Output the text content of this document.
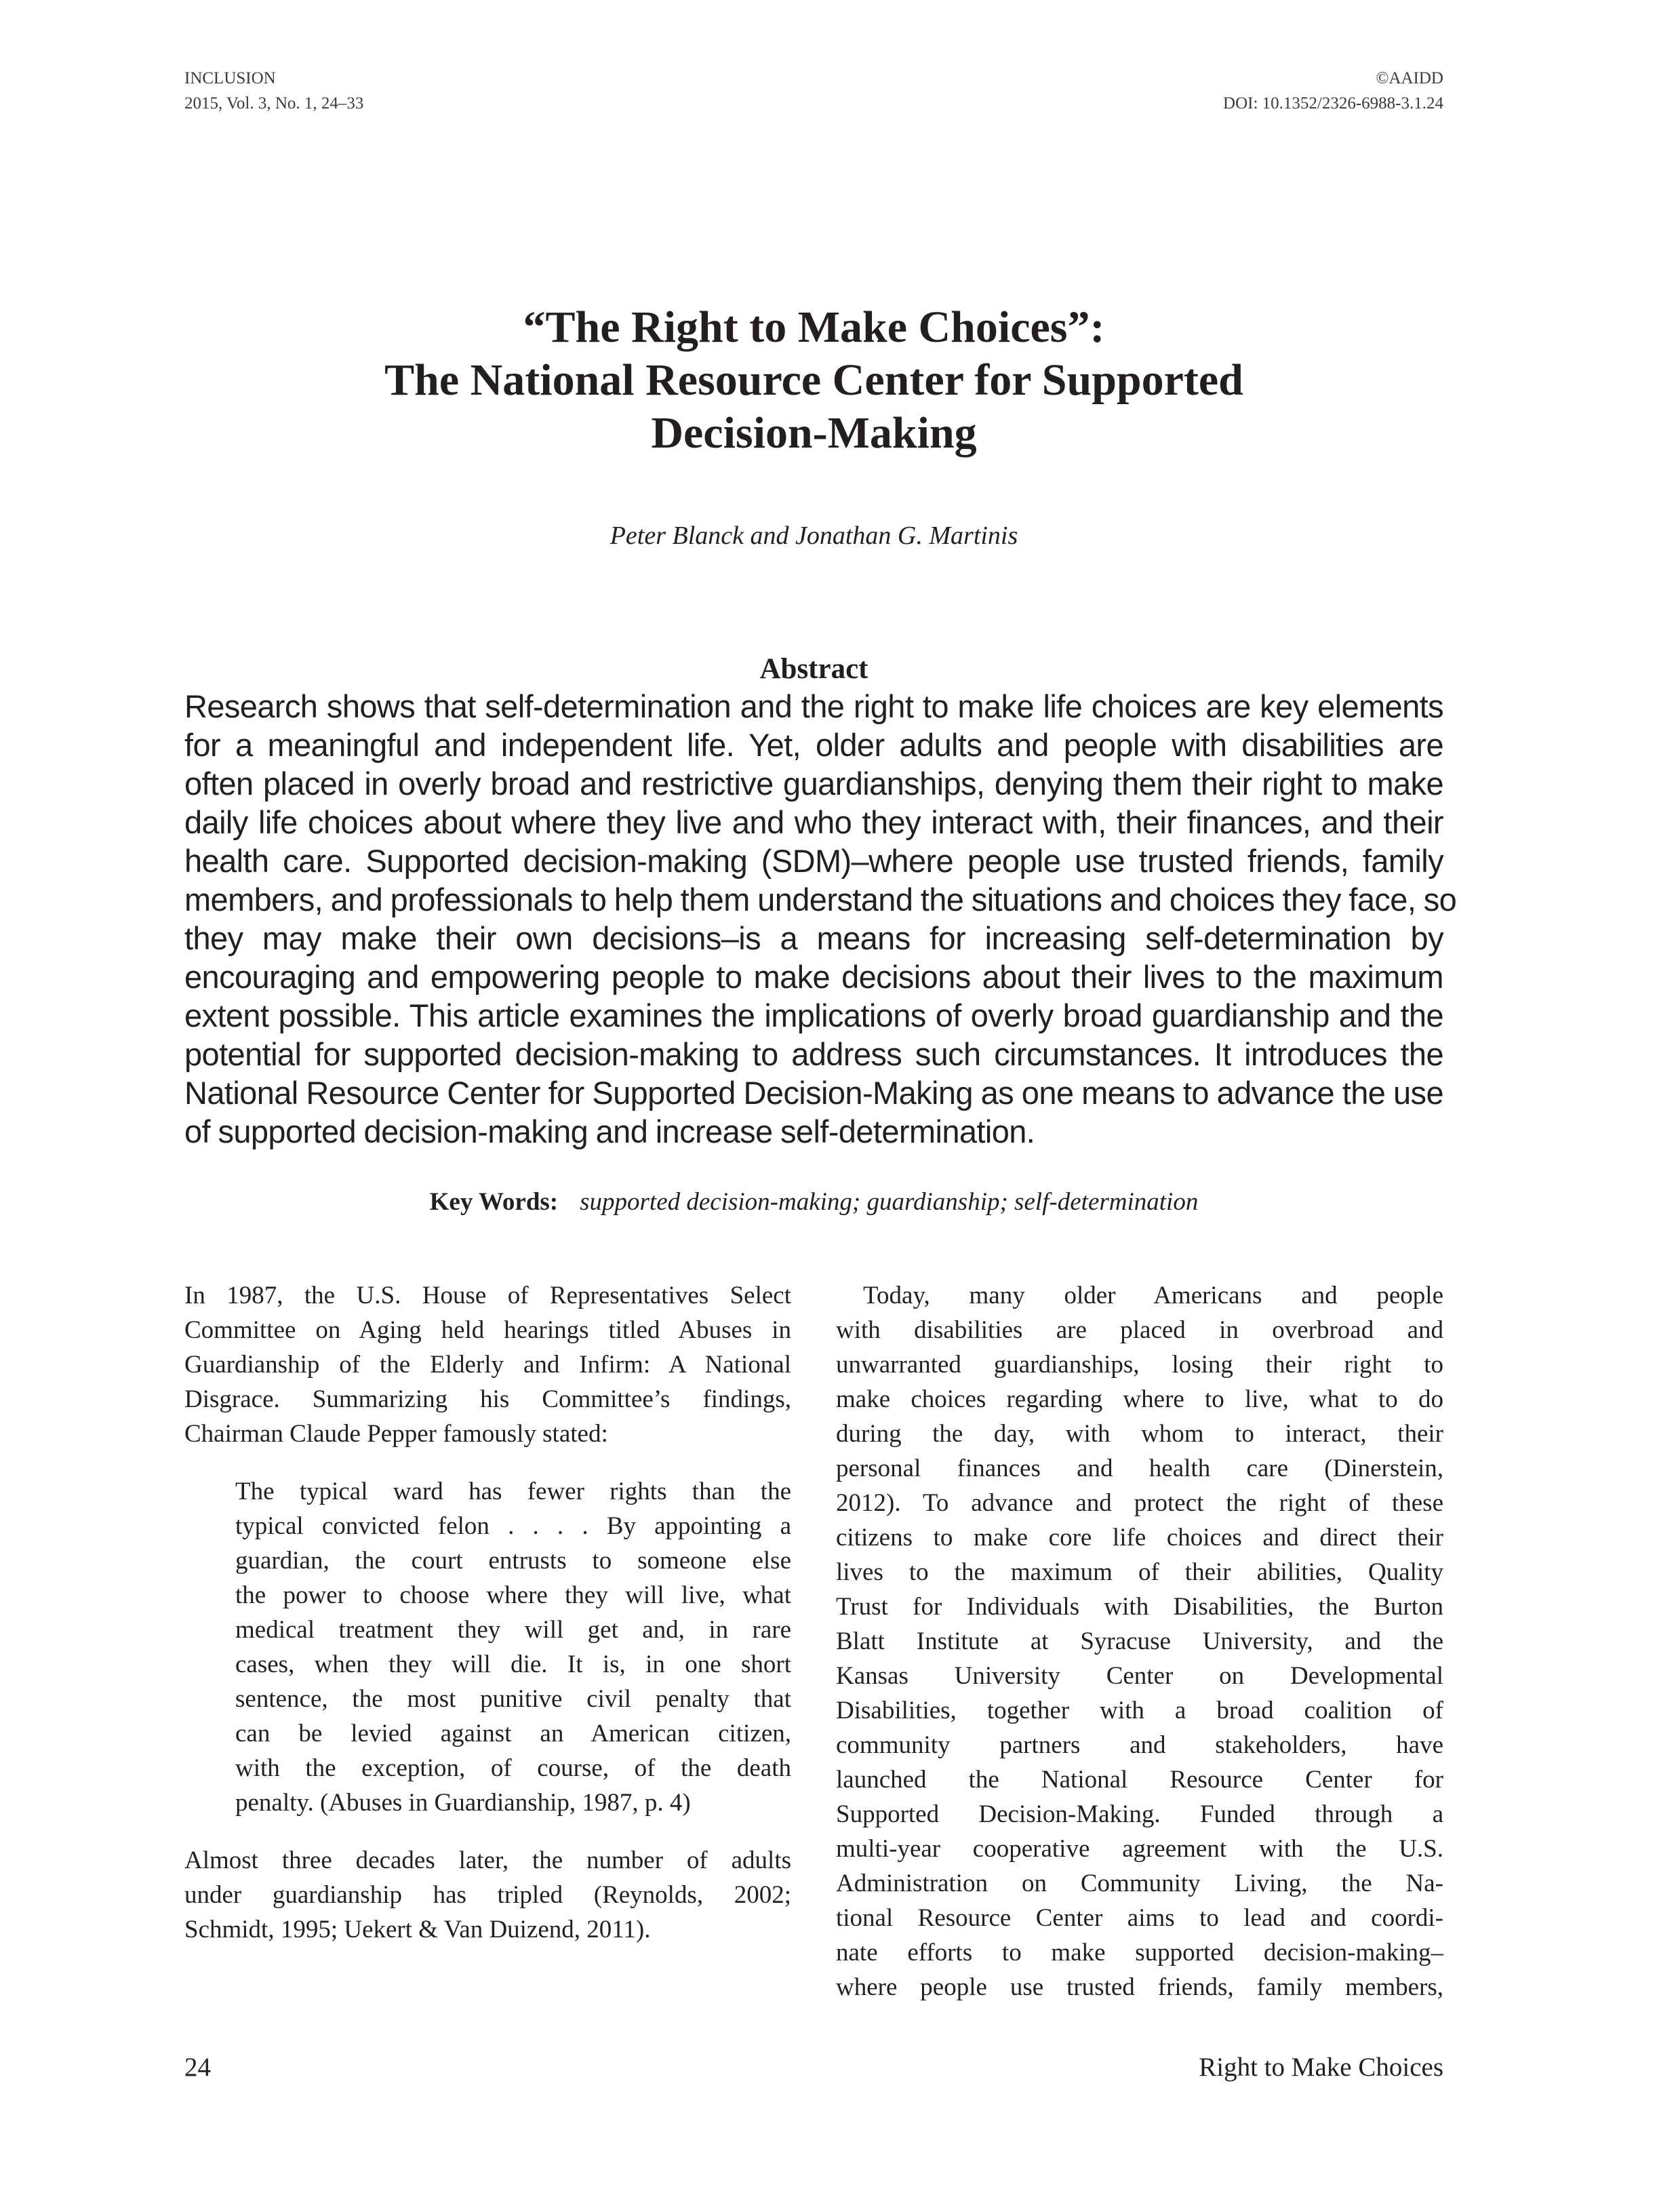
INCLUSION
2015, Vol. 3, No. 1, 24–33
©AAIDD
DOI: 10.1352/2326-6988-3.1.24
“The Right to Make Choices”:
The National Resource Center for Supported
Decision-Making
Peter Blanck and Jonathan G. Martinis
Abstract
Research shows that self-determination and the right to make life choices are key elements
for a meaningful and independent life. Yet, older adults and people with disabilities are
often placed in overly broad and restrictive guardianships, denying them their right to make
daily life choices about where they live and who they interact with, their finances, and their
health care. Supported decision-making (SDM)–where people use trusted friends, family
members, and professionals to help them understand the situations and choices they face, so
they may make their own decisions–is a means for increasing self-determination by
encouraging and empowering people to make decisions about their lives to the maximum
extent possible. This article examines the implications of overly broad guardianship and the
potential for supported decision-making to address such circumstances. It introduces the
National Resource Center for Supported Decision-Making as one means to advance the use
of supported decision-making and increase self-determination.
Key Words: supported decision-making; guardianship; self-determination

In 1987, the U.S. House of Representatives Select
Committee on Aging held hearings titled Abuses in
Guardianship of the Elderly and Infirm: A National
Disgrace. Summarizing his Committee’s findings,
Chairman Claude Pepper famously stated:

The typical ward has fewer rights than the
typical convicted felon . . . . By appointing a
guardian, the court entrusts to someone else
the power to choose where they will live, what
medical treatment they will get and, in rare
cases, when they will die. It is, in one short
sentence, the most punitive civil penalty that
can be levied against an American citizen,
with the exception, of course, of the death
penalty. (Abuses in Guardianship, 1987, p. 4)

Almost three decades later, the number of adults
under guardianship has tripled (Reynolds, 2002;
Schmidt, 1995; Uekert & Van Duizend, 2011).

Today, many older Americans and people
with disabilities are placed in overbroad and
unwarranted guardianships, losing their right to
make choices regarding where to live, what to do
during the day, with whom to interact, their
personal finances and health care (Dinerstein,
2012). To advance and protect the right of these
citizens to make core life choices and direct their
lives to the maximum of their abilities, Quality
Trust for Individuals with Disabilities, the Burton
Blatt Institute at Syracuse University, and the
Kansas University Center on Developmental
Disabilities, together with a broad coalition of
community partners and stakeholders, have
launched the National Resource Center for
Supported Decision-Making. Funded through a
multi-year cooperative agreement with the U.S.
Administration on Community Living, the Na-
tional Resource Center aims to lead and coordi-
nate efforts to make supported decision-making–
where people use trusted friends, family members,
24	Right to Make Choices
